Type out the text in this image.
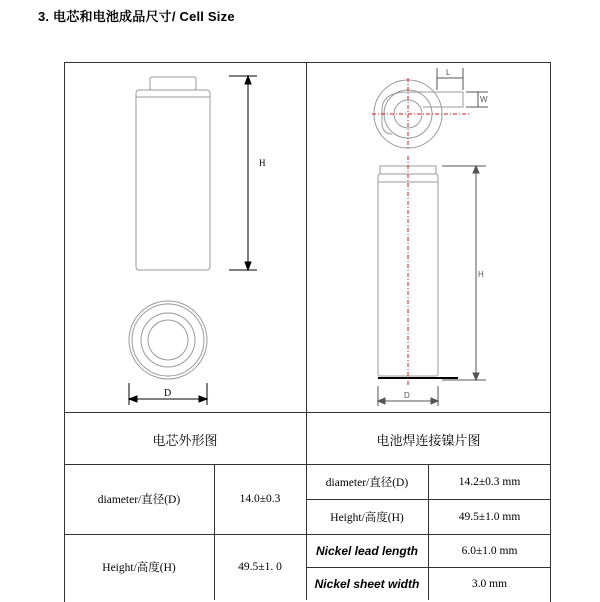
3. 电芯和电池成品尺寸/ Cell Size
H
D
L
W
H
D
电芯外形图	电池焊连接镍片图
diameter/直径(D)	14.0±0.3
Height/高度(H)	49.5±1. 0
diameter/直径(D)	14.2±0.3 mm
Height/高度(H)	49.5±1.0 mm
Nickel lead length	6.0±1.0 mm
Nickel sheet width	3.0 mm
